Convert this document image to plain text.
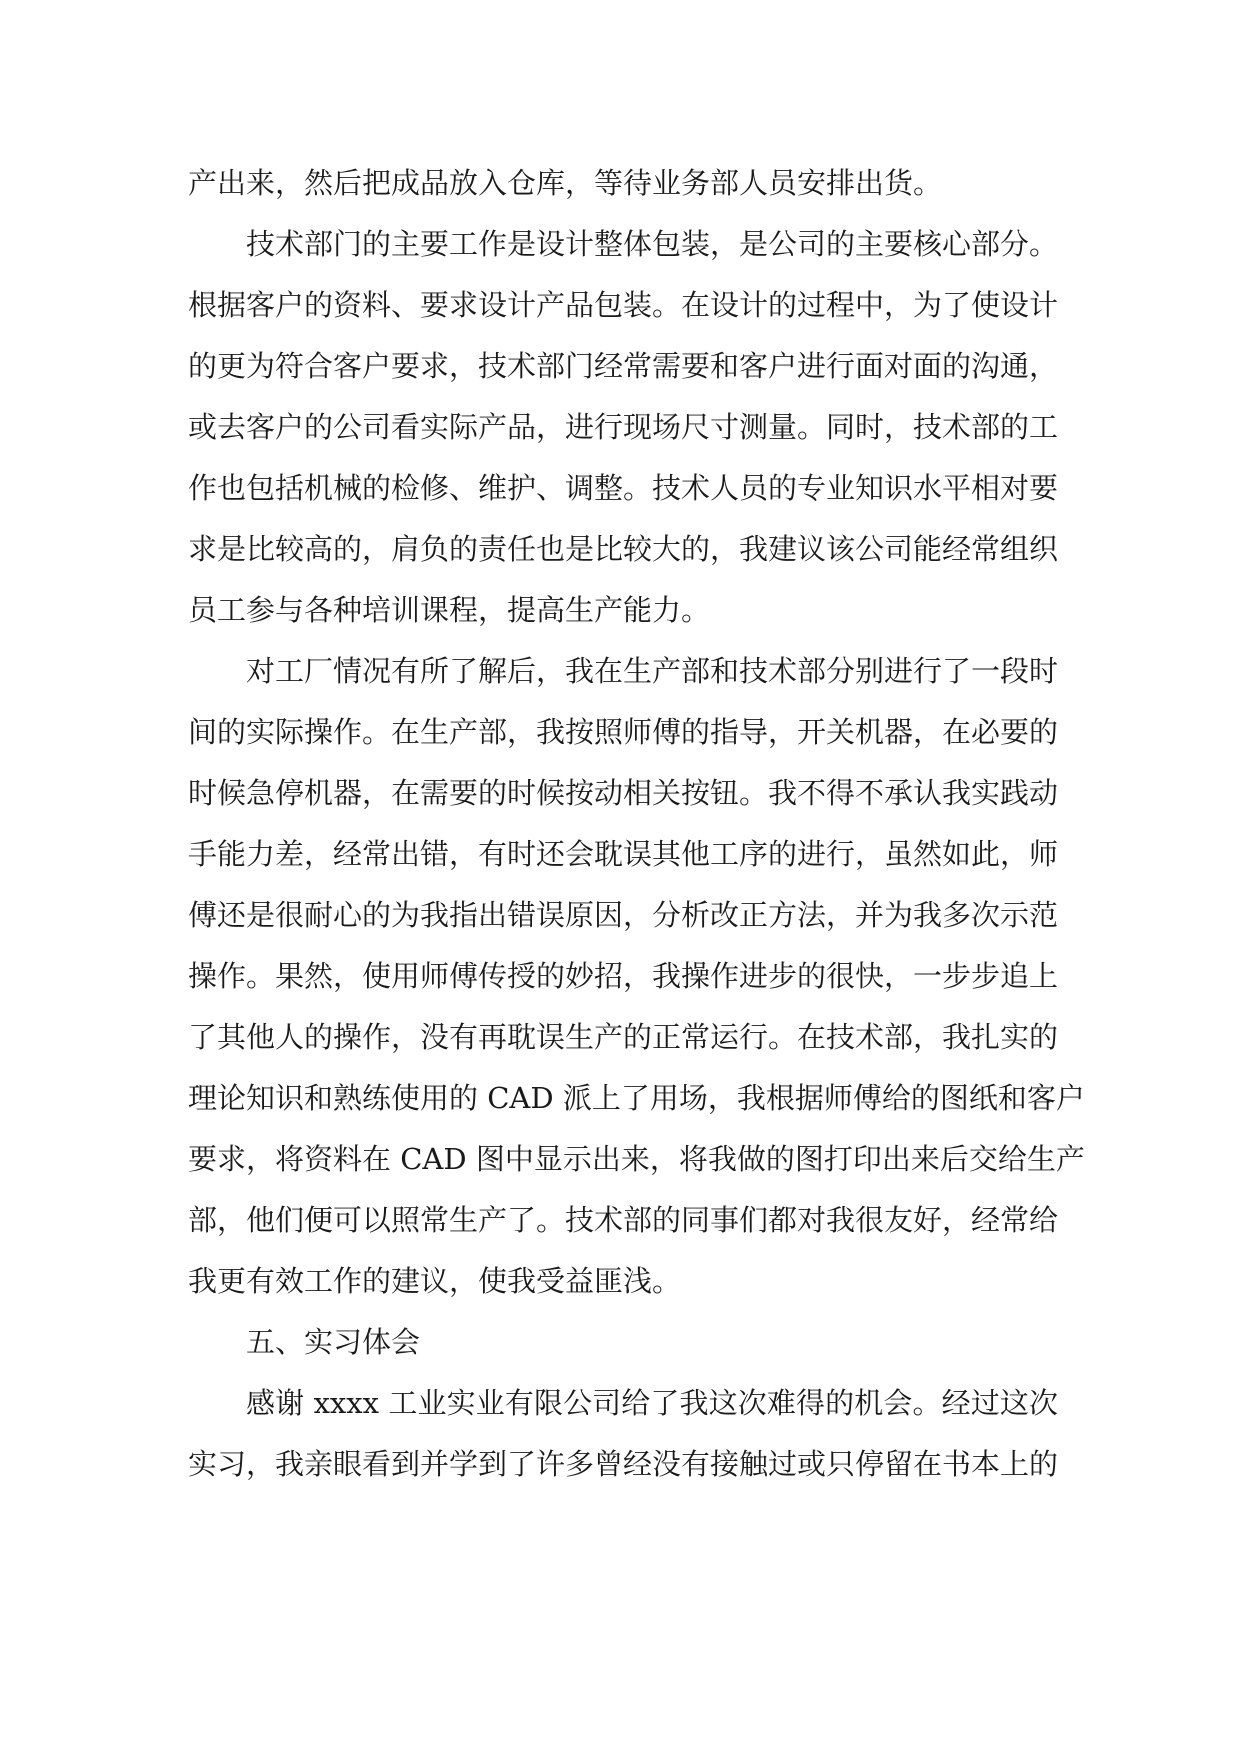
产出来，然后把成品放入仓库，等待业务部人员安排出货。
技术部门的主要工作是设计整体包装，是公司的主要核心部分。
根据客户的资料、要求设计产品包装。在设计的过程中，为了使设计
的更为符合客户要求，技术部门经常需要和客户进行面对面的沟通，
或去客户的公司看实际产品，进行现场尺寸测量。同时，技术部的工
作也包括机械的检修、维护、调整。技术人员的专业知识水平相对要
求是比较高的，肩负的责任也是比较大的，我建议该公司能经常组织
员工参与各种培训课程，提高生产能力。
对工厂情况有所了解后，我在生产部和技术部分别进行了一段时
间的实际操作。在生产部，我按照师傅的指导，开关机器，在必要的
时候急停机器，在需要的时候按动相关按钮。我不得不承认我实践动
手能力差，经常出错，有时还会耽误其他工序的进行，虽然如此，师
傅还是很耐心的为我指出错误原因，分析改正方法，并为我多次示范
操作。果然，使用师傅传授的妙招，我操作进步的很快，一步步追上
了其他人的操作，没有再耽误生产的正常运行。在技术部，我扎实的
理论知识和熟练使用的 CAD 派上了用场，我根据师傅给的图纸和客户
要求，将资料在 CAD 图中显示出来，将我做的图打印出来后交给生产
部，他们便可以照常生产了。技术部的同事们都对我很友好，经常给
我更有效工作的建议，使我受益匪浅。
五、实习体会
感谢 xxxx 工业实业有限公司给了我这次难得的机会。经过这次
实习，我亲眼看到并学到了许多曾经没有接触过或只停留在书本上的
